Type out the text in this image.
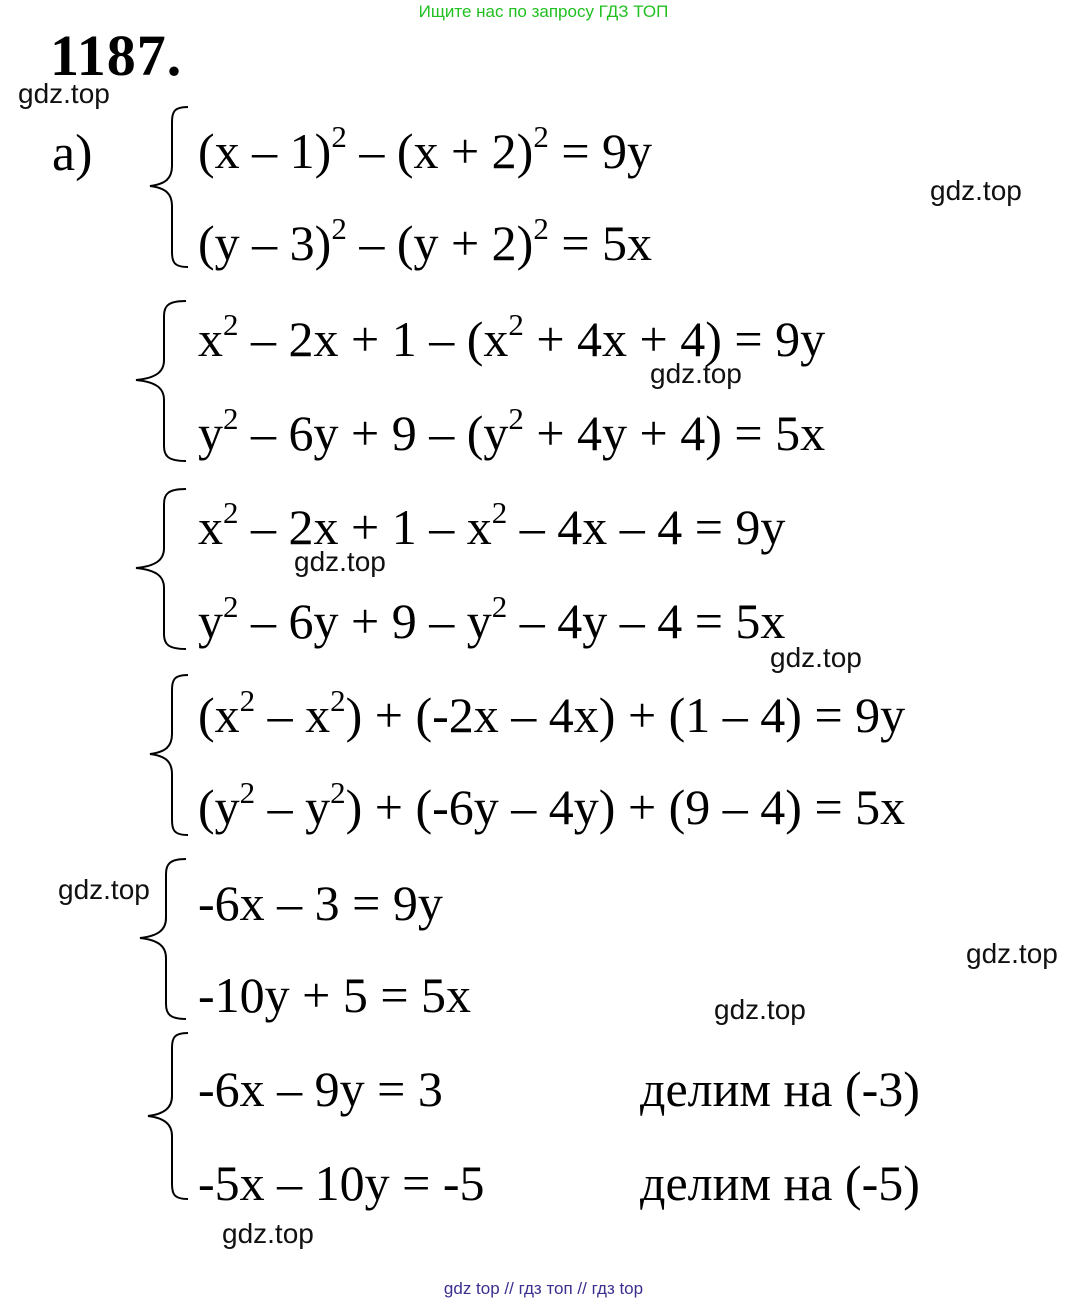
Ищите нас по запросу ГДЗ ТОП
1187.
а)
gdz.top
gdz.top
gdz.top
gdz.top
gdz.top
gdz.top
gdz.top
gdz.top
gdz.top
$(x - 1)^2 - (x + 2)^2 = 9y$
$(y - 3)^2 - (y + 2)^2 = 5x$
$x^2 - 2x + 1 - (x^2 + 4x + 4) = 9y$
$y^2 - 6y + 9 - (y^2 + 4y + 4) = 5x$
$x^2 - 2x + 1 - x^2 - 4x - 4 = 9y$
$y^2 - 6y + 9 - y^2 - 4y - 4 = 5x$
$(x^2 - x^2) + (-2x - 4x) + (1 - 4) = 9y$
$(y^2 - y^2) + (-6y - 4y) + (9 - 4) = 5x$
-6x – 3 = 9y
-10y + 5 = 5x
-6x – 9y = 3
-5x – 10y = -5
делим на (-3)
делим на (-5)
gdz top // гдз топ // гдз top
